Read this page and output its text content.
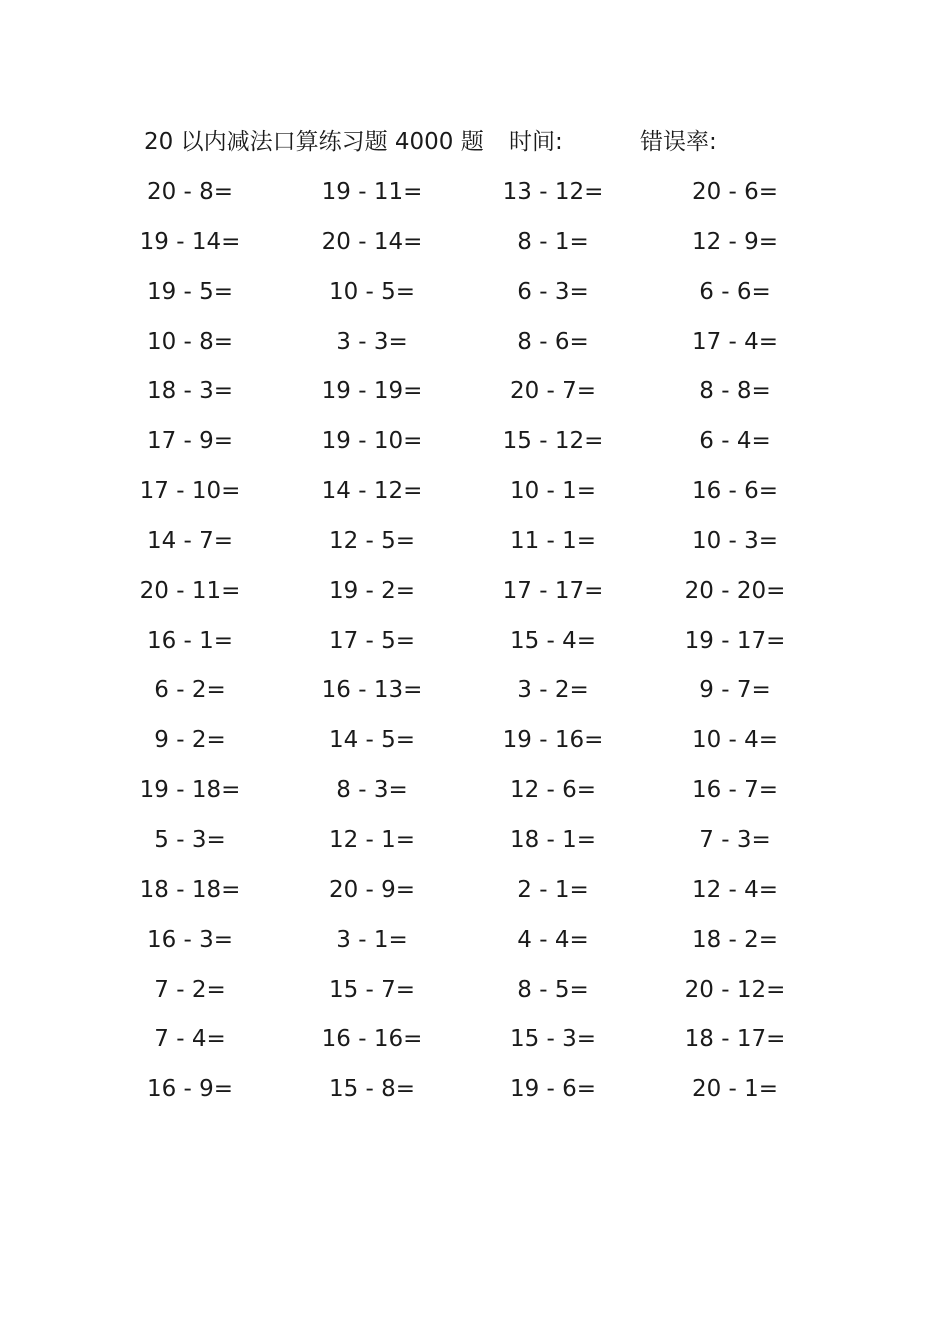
20 以内减法口算练习题 4000 题 时间:	错误率:
20 - 8=	19 - 11=	13 - 12=	20 - 6=
19 - 14=	20 - 14=	8 - 1=	12 - 9=
19 - 5=	10 - 5=	6 - 3=	6 - 6=
10 - 8=	3 - 3=	8 - 6=	17 - 4=
18 - 3=	19 - 19=	20 - 7=	8 - 8=
17 - 9=	19 - 10=	15 - 12=	6 - 4=
17 - 10=	14 - 12=	10 - 1=	16 - 6=
14 - 7=	12 - 5=	11 - 1=	10 - 3=
20 - 11=	19 - 2=	17 - 17=	20 - 20=
16 - 1=	17 - 5=	15 - 4=	19 - 17=
6 - 2=	16 - 13=	3 - 2=	9 - 7=
9 - 2=	14 - 5=	19 - 16=	10 - 4=
19 - 18=	8 - 3=	12 - 6=	16 - 7=
5 - 3=	12 - 1=	18 - 1=	7 - 3=
18 - 18=	20 - 9=	2 - 1=	12 - 4=
16 - 3=	3 - 1=	4 - 4=	18 - 2=
7 - 2=	15 - 7=	8 - 5=	20 - 12=
7 - 4=	16 - 16=	15 - 3=	18 - 17=
16 - 9=	15 - 8=	19 - 6=	20 - 1=
